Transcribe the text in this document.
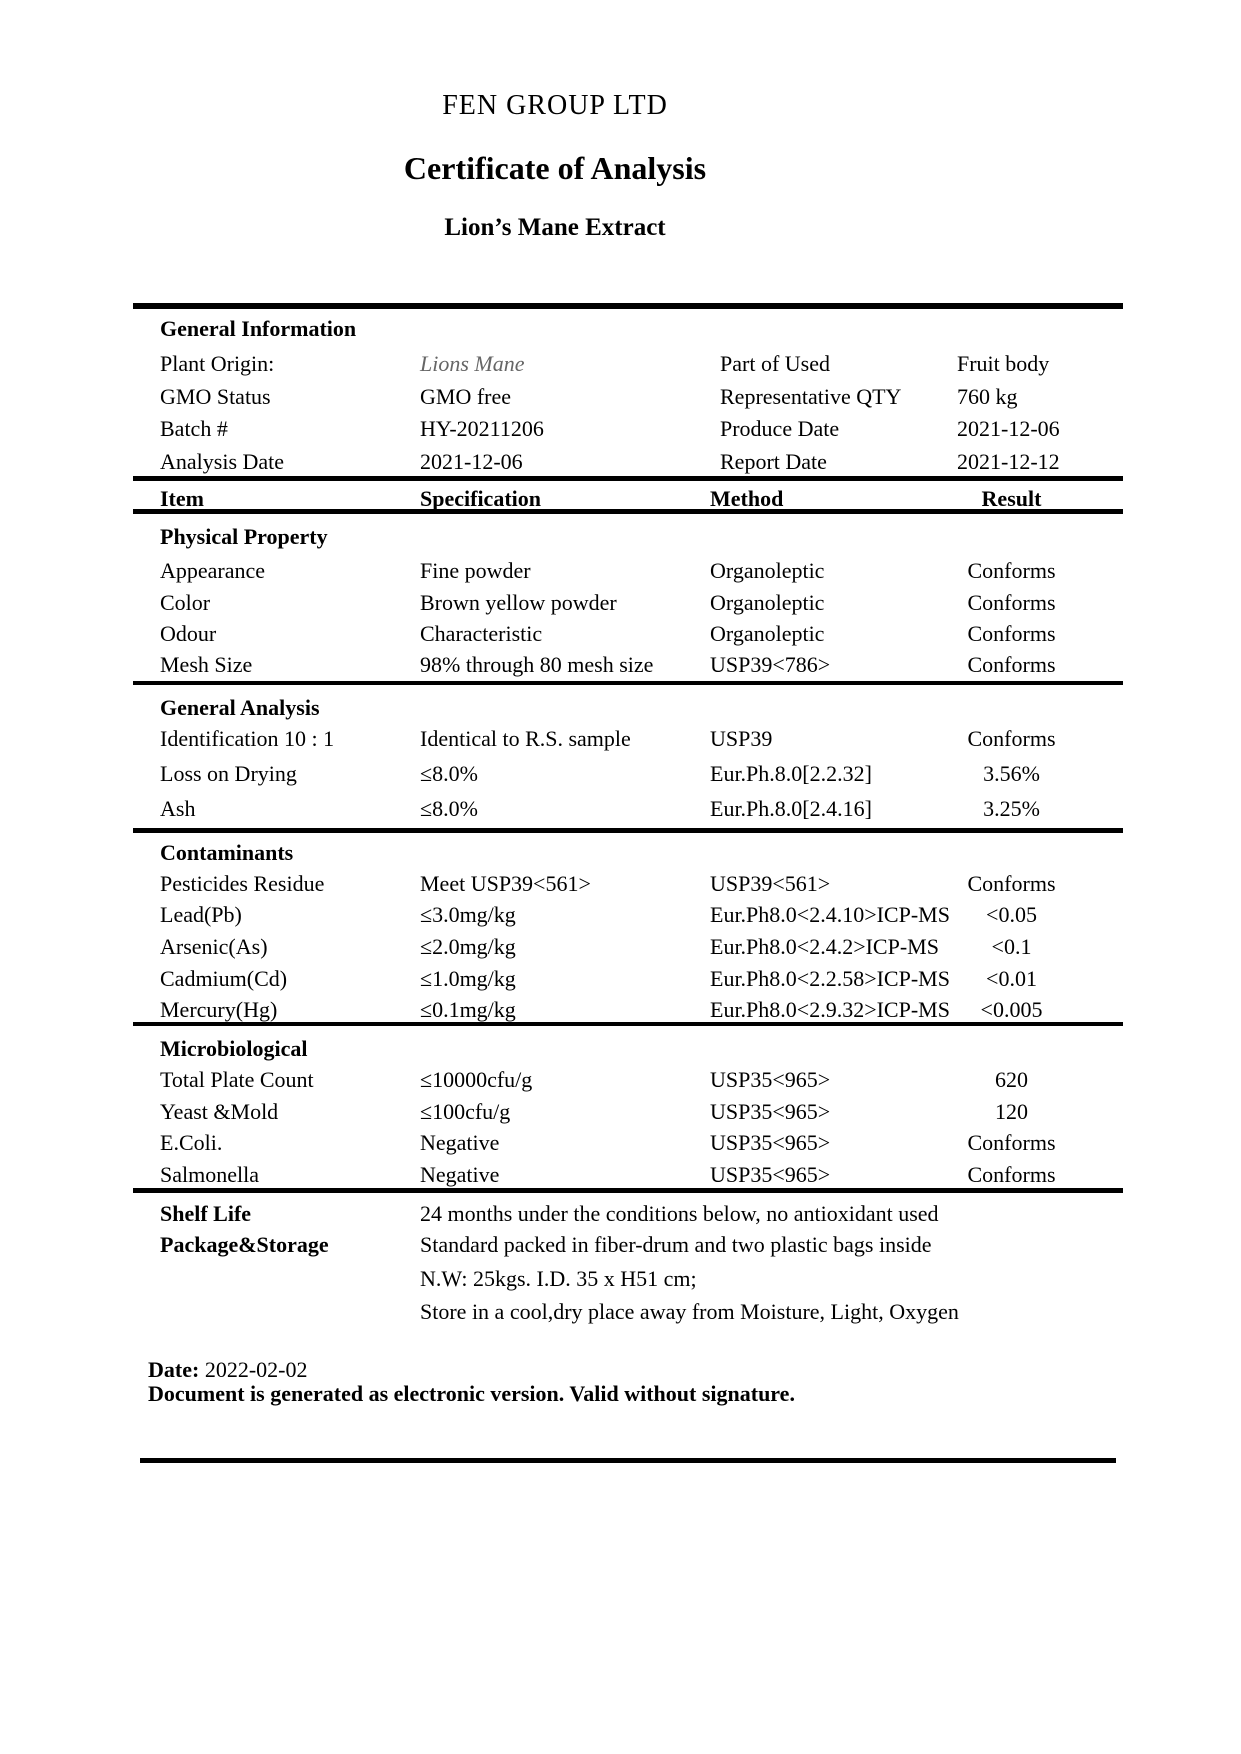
FEN GROUP LTD
Certificate of Analysis
Lion’s Mane Extract
General Information
Plant Origin:	Lions Mane	Part of Used	Fruit body
GMO Status	GMO free	Representative QTY	760 kg
Batch #	HY-20211206	Produce Date	2021-12-06
Analysis Date	2021-12-06	Report Date	2021-12-12
Item	Specification	Method	Result
Physical Property
Appearance	Fine powder	Organoleptic	Conforms
Color	Brown yellow powder	Organoleptic	Conforms
Odour	Characteristic	Organoleptic	Conforms
Mesh Size	98% through 80 mesh size	USP39<786>	Conforms
General Analysis
Identification 10 : 1	Identical to R.S. sample	USP39	Conforms
Loss on Drying	≤8.0%	Eur.Ph.8.0[2.2.32]	3.56%
Ash	≤8.0%	Eur.Ph.8.0[2.4.16]	3.25%
Contaminants
Pesticides Residue	Meet USP39<561>	USP39<561>	Conforms
Lead(Pb)	≤3.0mg/kg	Eur.Ph8.0<2.4.10>ICP-MS	<0.05
Arsenic(As)	≤2.0mg/kg	Eur.Ph8.0<2.4.2>ICP-MS	<0.1
Cadmium(Cd)	≤1.0mg/kg	Eur.Ph8.0<2.2.58>ICP-MS	<0.01
Mercury(Hg)	≤0.1mg/kg	Eur.Ph8.0<2.9.32>ICP-MS	<0.005
Microbiological
Total Plate Count	≤10000cfu/g	USP35<965>	620
Yeast &Mold	≤100cfu/g	USP35<965>	120
E.Coli.	Negative	USP35<965>	Conforms
Salmonella	Negative	USP35<965>	Conforms
Shelf Life	24 months under the conditions below, no antioxidant used
Package&Storage	Standard packed in fiber-drum and two plastic bags inside
N.W: 25kgs. I.D. 35 x H51 cm;
Store in a cool,dry place away from Moisture, Light, Oxygen
Date: 2022-02-02
Document is generated as electronic version. Valid without signature.
